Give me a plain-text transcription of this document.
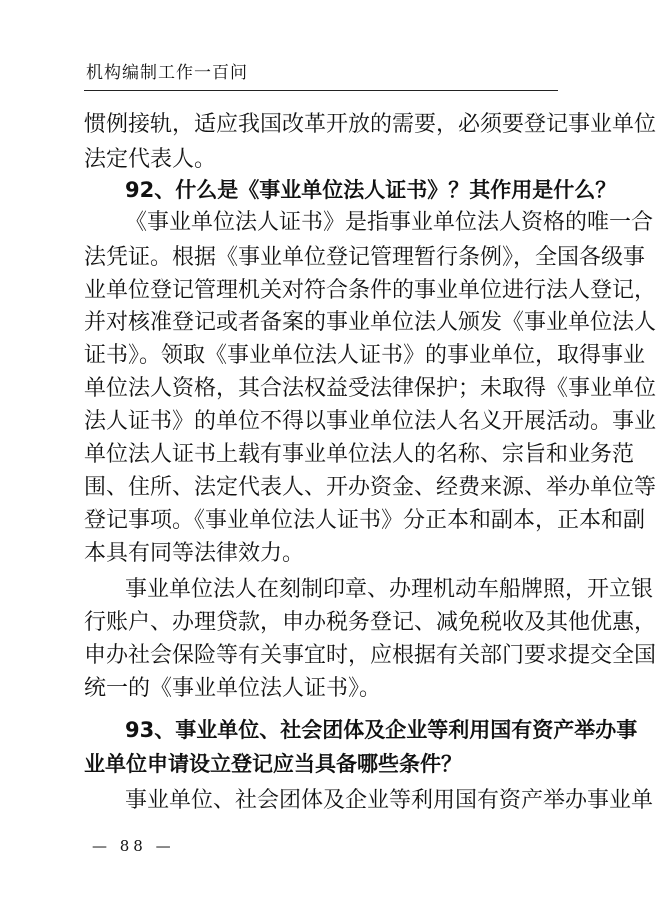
机构编制工作一百问
惯例接轨，适应我国改革开放的需要，必须要登记事业单位
法定代表人。
92、什么是《事业单位法人证书》？其作用是什么？
《事业单位法人证书》是指事业单位法人资格的唯一合
法凭证。根据《事业单位登记管理暂行条例》，全国各级事
业单位登记管理机关对符合条件的事业单位进行法人登记，
并对核准登记或者备案的事业单位法人颁发《事业单位法人
证书》。领取《事业单位法人证书》的事业单位，取得事业
单位法人资格，其合法权益受法律保护；未取得《事业单位
法人证书》的单位不得以事业单位法人名义开展活动。事业
单位法人证书上载有事业单位法人的名称、宗旨和业务范
围、住所、法定代表人、开办资金、经费来源、举办单位等
登记事项。《事业单位法人证书》分正本和副本，正本和副
本具有同等法律效力。
事业单位法人在刻制印章、办理机动车船牌照，开立银
行账户、办理贷款，申办税务登记、减免税收及其他优惠，
申办社会保险等有关事宜时，应根据有关部门要求提交全国
统一的《事业单位法人证书》。
93、事业单位、社会团体及企业等利用国有资产举办事
业单位申请设立登记应当具备哪些条件？
事业单位、社会团体及企业等利用国有资产举办事业单
— 88 —
